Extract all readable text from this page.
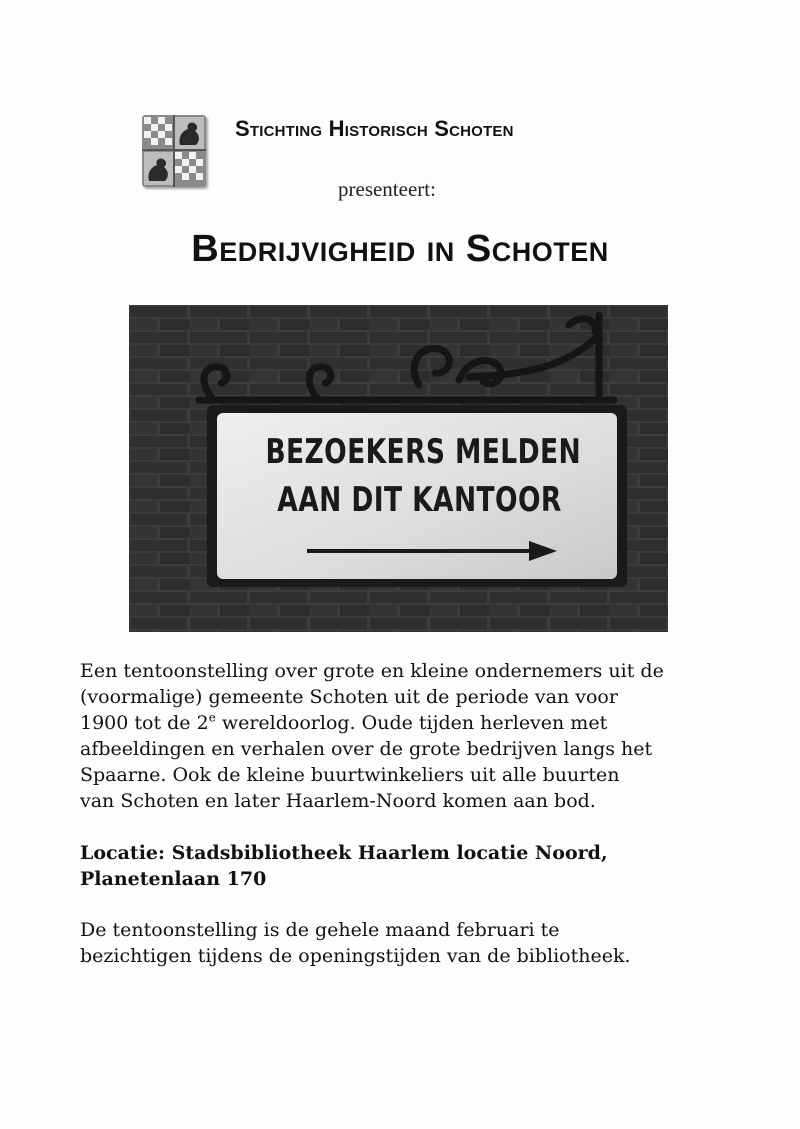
Stichting Historisch Schoten
presenteert:
Bedrijvigheid in Schoten
BEZOEKERS MELDEN
AAN DIT KANTOOR
Een tentoonstelling over grote en kleine ondernemers uit de
(voormalige) gemeente Schoten uit de periode van voor
1900 tot de 2e wereldoorlog. Oude tijden herleven met
afbeeldingen en verhalen over de grote bedrijven langs het
Spaarne. Ook de kleine buurtwinkeliers uit alle buurten
van Schoten en later Haarlem-Noord komen aan bod.
Locatie: Stadsbibliotheek Haarlem locatie Noord,
Planetenlaan 170
De tentoonstelling is de gehele maand februari te
bezichtigen tijdens de openingstijden van de bibliotheek.
